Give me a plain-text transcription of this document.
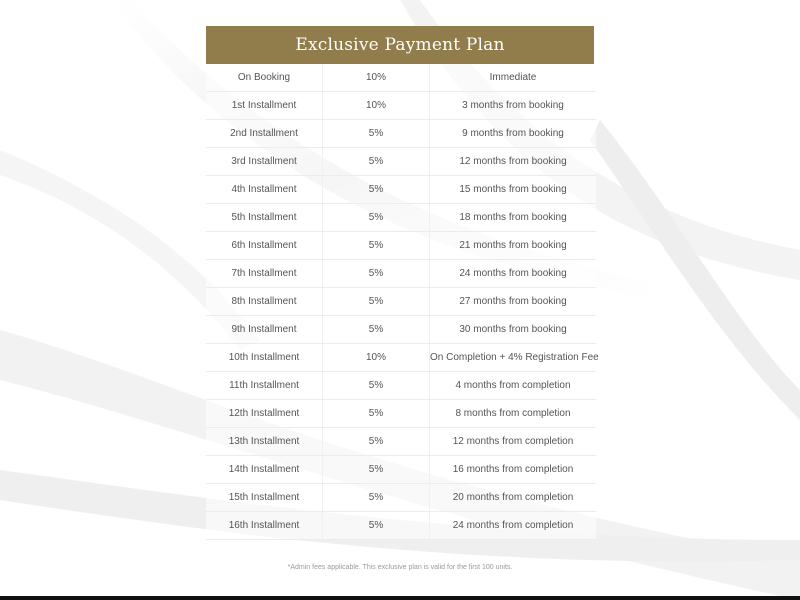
Exclusive Payment Plan
On Booking	10%	Immediate
1st Installment	10%	3 months from booking
2nd Installment	5%	9 months from booking
3rd Installment	5%	12 months from booking
4th Installment	5%	15 months from booking
5th Installment	5%	18 months from booking
6th Installment	5%	21 months from booking
7th Installment	5%	24 months from booking
8th Installment	5%	27 months from booking
9th Installment	5%	30 months from booking
10th Installment	10%	On Completion + 4% Registration Fee
11th Installment	5%	4 months from completion
12th Installment	5%	8 months from completion
13th Installment	5%	12 months from completion
14th Installment	5%	16 months from completion
15th Installment	5%	20 months from completion
16th Installment	5%	24 months from completion
*Admin fees applicable. This exclusive plan is valid for the first 100 units.
